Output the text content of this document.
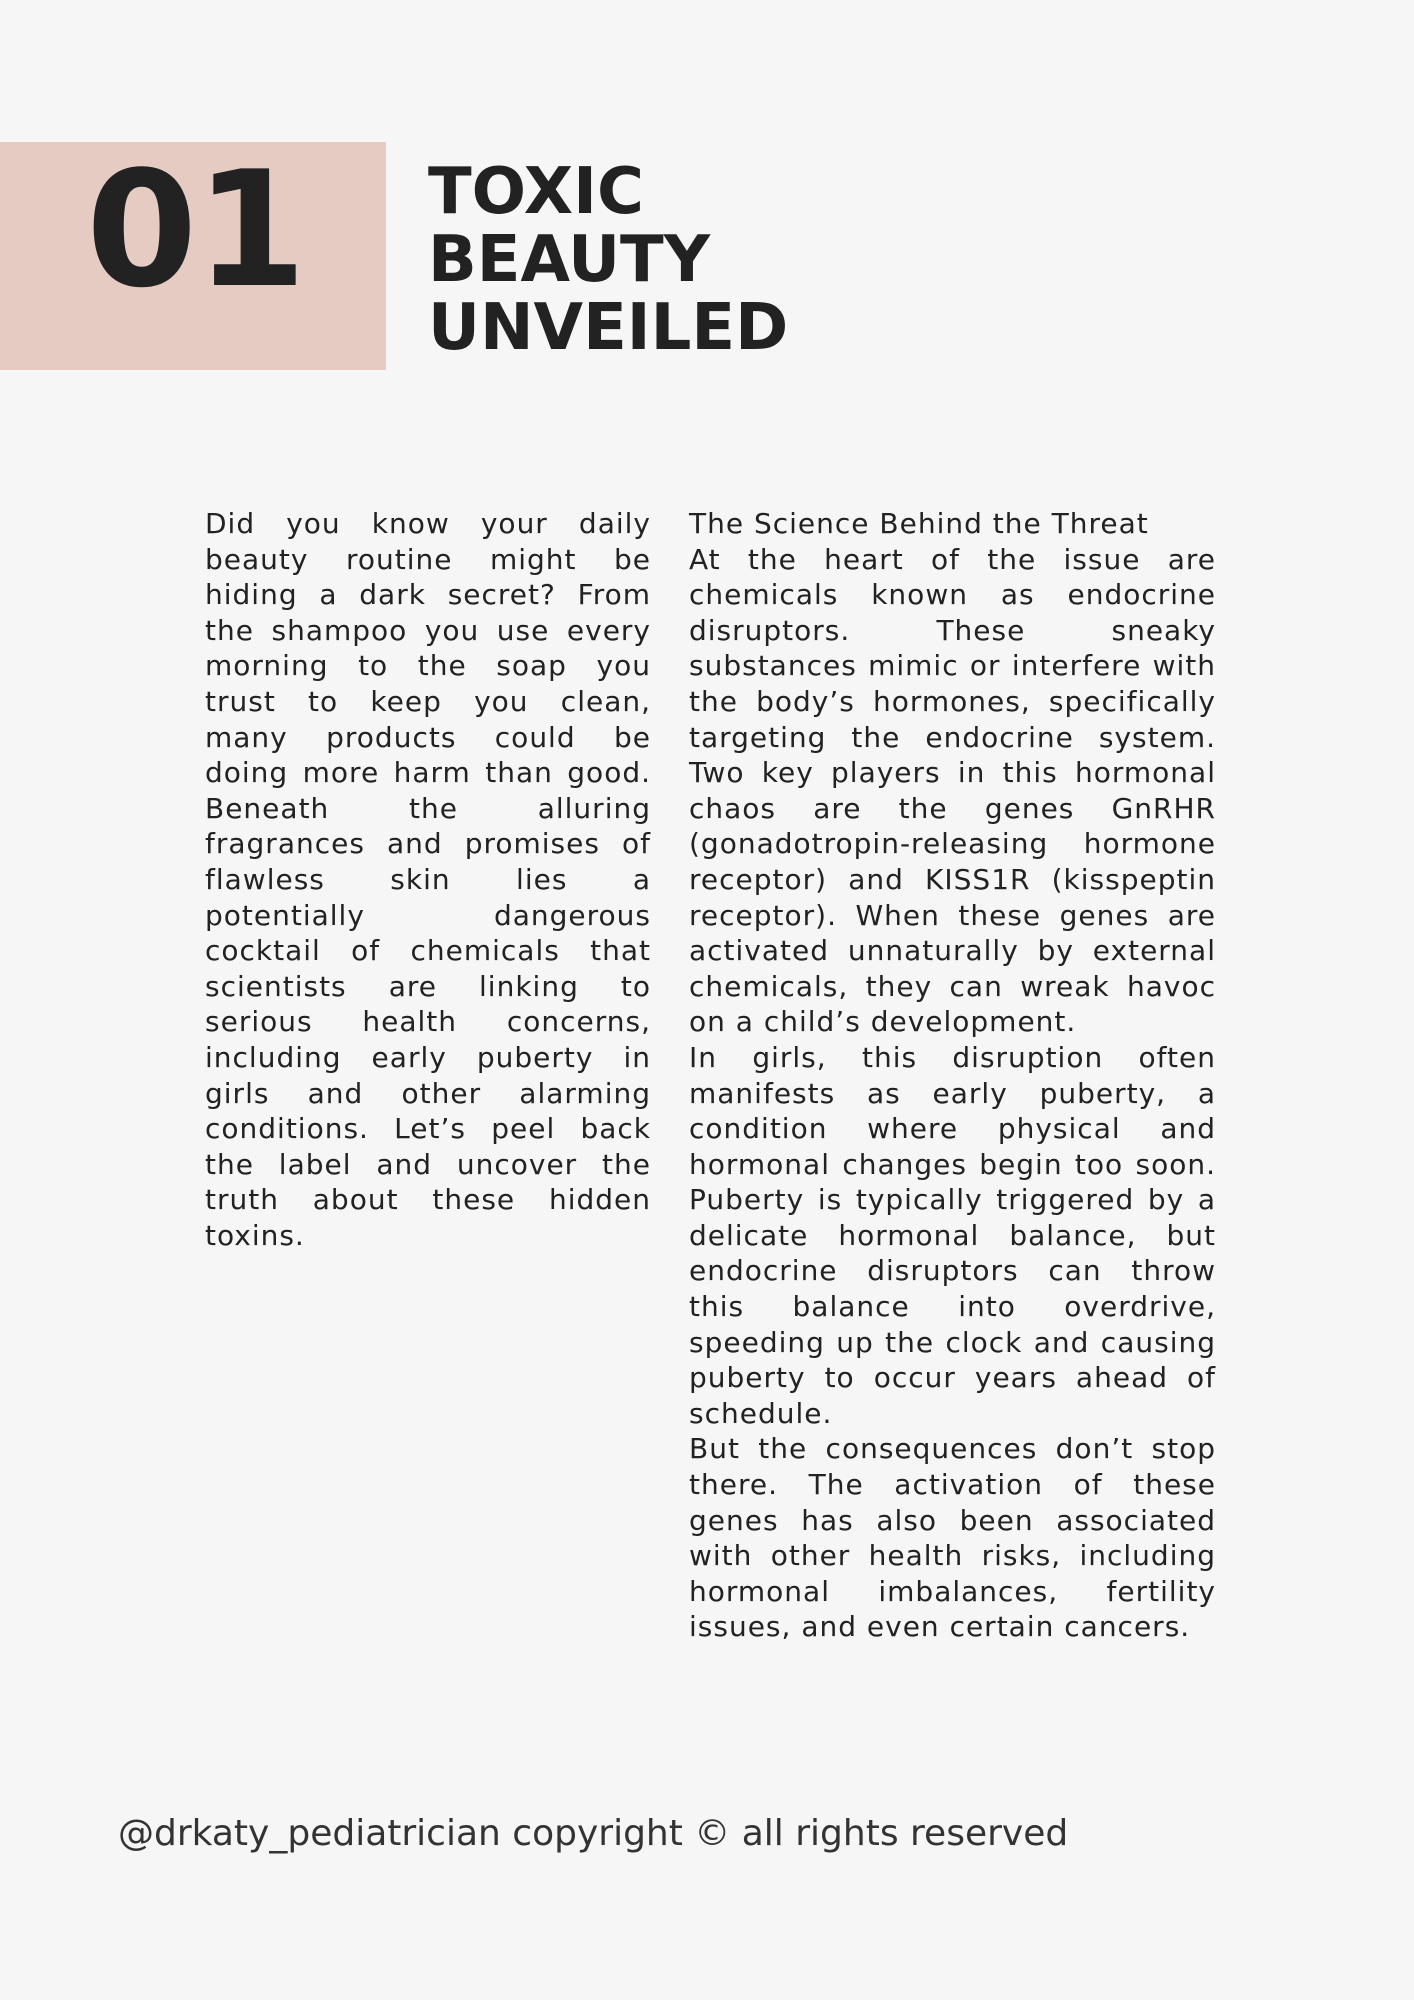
01 TOXIC
BEAUTY
UNVEILED

Did you know your daily beauty routine might be hiding a dark secret? From the shampoo you use every morning to the soap you trust to keep you clean, many products could be doing more harm than good. Beneath the alluring fragrances and promises of flawless skin lies a potentially dangerous cocktail of chemicals that scientists are linking to serious health concerns, including early puberty in girls and other alarming conditions. Let’s peel back the label and uncover the truth about these hidden toxins.

The Science Behind the Threat

At the heart of the issue are chemicals known as endocrine disruptors. These sneaky substances mimic or interfere with the body’s hormones, specifically targeting the endocrine system. Two key players in this hormonal chaos are the genes GnRHR (gonadotropin-releasing hormone receptor) and KISS1R (kisspeptin receptor). When these genes are activated unnaturally by external chemicals, they can wreak havoc on a child’s development.

In girls, this disruption often manifests as early puberty, a condition where physical and hormonal changes begin too soon. Puberty is typically triggered by a delicate hormonal balance, but endocrine disruptors can throw this balance into overdrive, speeding up the clock and causing puberty to occur years ahead of schedule.

But the consequences don’t stop there. The activation of these genes has also been associated with other health risks, including hormonal imbalances, fertility issues, and even certain cancers.

@drkaty_pediatrician copyright © all rights reserved
